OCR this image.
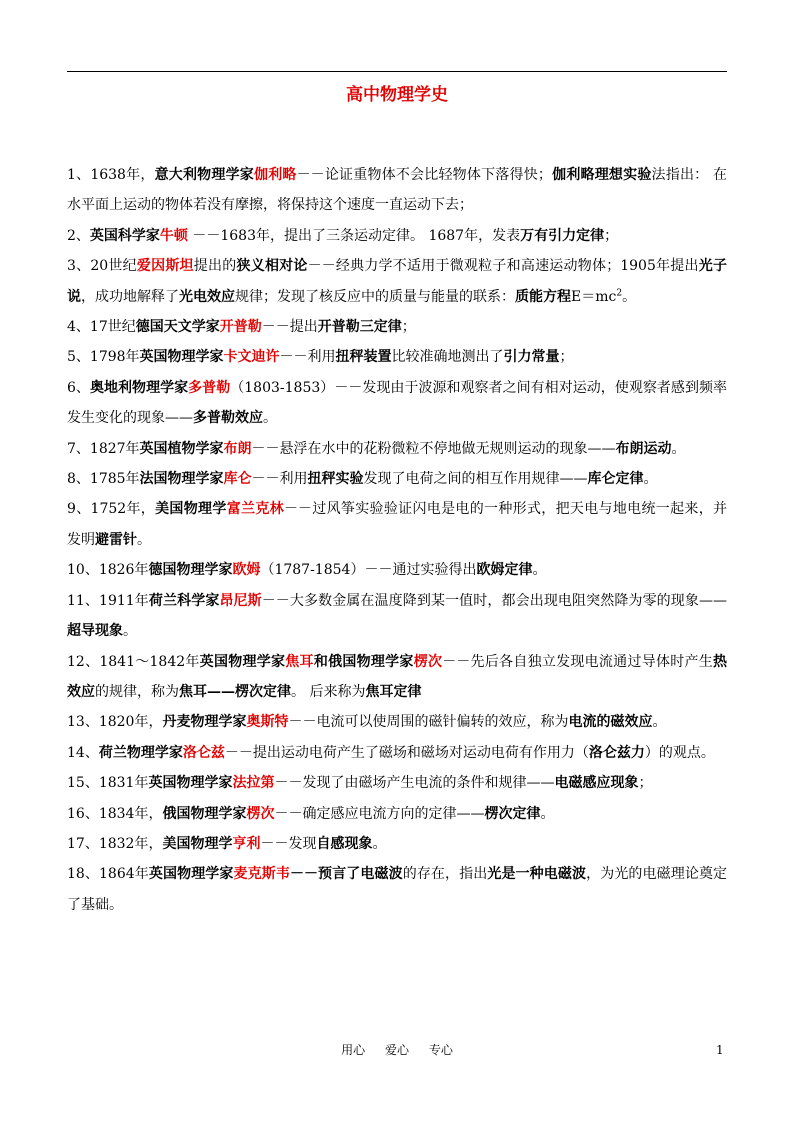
高中物理学史

1、1638年，意大利物理学家伽利略－－论证重物体不会比轻物体下落得快；伽利略理想实验法指出： 在水平面上运动的物体若没有摩擦，将保持这个速度一直运动下去；

2、英国科学家牛顿 －－1683年，提出了三条运动定律。 1687年，发表万有引力定律；

3、20世纪爱因斯坦提出的狭义相对论－－经典力学不适用于微观粒子和高速运动物体；1905年提出光子说，成功地解释了光电效应规律；发现了核反应中的质量与能量的联系：质能方程$E=mc^2$。

4、17世纪德国天文学家开普勒－－提出开普勒三定律；

5、1798年英国物理学家卡文迪许－－利用扭秤装置比较准确地测出了引力常量；

6、奥地利物理学家多普勒（1803-1853）－－发现由于波源和观察者之间有相对运动，使观察者感到频率发生变化的现象——多普勒效应。

7、1827年英国植物学家布朗－－悬浮在水中的花粉微粒不停地做无规则运动的现象——布朗运动。

8、1785年法国物理学家库仑－－利用扭秤实验发现了电荷之间的相互作用规律——库仑定律。

9、1752年，美国物理学富兰克林－－过风筝实验验证闪电是电的一种形式，把天电与地电统一起来，并发明避雷针。

10、1826年德国物理学家欧姆（1787-1854）－－通过实验得出欧姆定律。

11、1911年荷兰科学家昂尼斯－－大多数金属在温度降到某一值时，都会出现电阻突然降为零的现象——超导现象。

12、1841～1842年英国物理学家焦耳和俄国物理学家楞次－－先后各自独立发现电流通过导体时产生热效应的规律，称为焦耳——楞次定律。 后来称为焦耳定律

13、1820年，丹麦物理学家奥斯特－－电流可以使周围的磁针偏转的效应，称为电流的磁效应。

14、荷兰物理学家洛仑兹－－提出运动电荷产生了磁场和磁场对运动电荷有作用力（洛仑兹力）的观点。

15、1831年英国物理学家法拉第－－发现了由磁场产生电流的条件和规律——电磁感应现象；

16、1834年，俄国物理学家楞次－－确定感应电流方向的定律——楞次定律。

17、1832年，美国物理学亨利－－发现自感现象。

18、1864年英国物理学家麦克斯韦－－预言了电磁波的存在，指出光是一种电磁波，为光的电磁理论奠定了基础。

用心 爱心 专心	1
